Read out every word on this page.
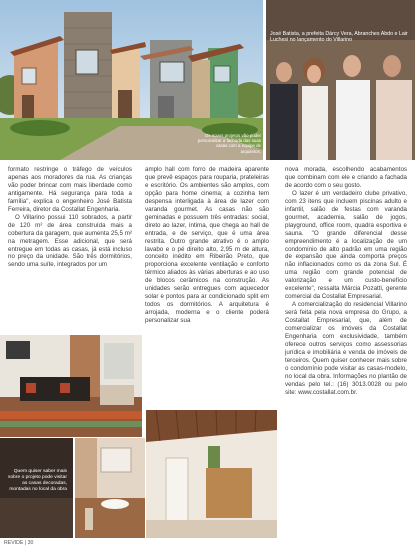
Os novos projetos vão poder personalizar a fachada das suas casas com a equipe de arquitetos.
José Batista, a prefeita Dárcy Vera, Abranches Abdo e Lair Luchesi no lançamento do Villarino

formato restringe o tráfego de veículos apenas aos moradores da rua. As crianças vão poder brincar com mais liberdade como antigamente. Há segurança para toda a família", explica o engenheiro José Batista Ferreira, diretor da Costallat Engenharia.

O Villarino possui 110 sobrados, a partir de 120 m² de área construída mais a cobertura da garagem, que aumenta 25,5 m² na metragem. Esse adicional, que será entregue em todas as casas, já está incluso no preço da unidade. São três dormitórios, sendo uma suíte, integrados por um

amplo hall com forro de madeira aparente que prevê espaços para rouparia, prateleiras e escritório. Os ambientes são amplos, com opção para home cinema; a cozinha tem despensa interligada à área de lazer com varanda gourmet. As casas não são geminadas e possuem três entradas: social, direto ao lazer, íntima, que chega ao hall de entrada, e de serviço, que é uma área restrita. Outro grande atrativo é o amplo lavabo e o pé direito alto, 2,95 m de altura, conceito inédito em Ribeirão Preto, que proporciona excelente ventilação e conforto térmico aliados às várias aberturas e ao uso de blocos cerâmicos na construção. As unidades serão entregues com aquecedor solar e pontos para ar condicionado split em todos os dormitórios. A arquitetura é arrojada, moderna e o cliente poderá personalizar sua

nova morada, escolhendo acabamentos que combinam com ele e criando a fachada de acordo com o seu gosto.

O lazer é um verdadeiro clube privativo, com 23 itens que incluem piscinas adulto e infantil, salão de festas com varanda gourmet, academia, salão de jogos, playground, office room, quadra esportiva e sauna. "O grande diferencial desse empreendimento é a localização de um condomínio de alto padrão em uma região de expansão que ainda comporta preços não inflacionados como os da zona Sul. É uma região com grande potencial de valorização e um custo-benefício excelente", ressalta Márcia Pozatti, gerente comercial da Costallat Empresarial.

A comercialização do residencial Villarino será feita pela nova empresa do Grupo, a Costallat Empresarial, que, além de comercializar os imóveis da Costallat Engenharia com exclusividade, também oferece outros serviços como assessorias jurídica e imobiliária e venda de imóveis de terceiros. Quem quiser conhecer mais sobre o condomínio pode visitar as casas-modelo, no local da obra. Informações no plantão de vendas pelo tel.: (16) 3013.0028 ou pelo site: www.costallat.com.br.

Quem quiser saber mais sobre o projeto pode visitar as casas decoradas, montadas no local da obra
REVIDE | 30
